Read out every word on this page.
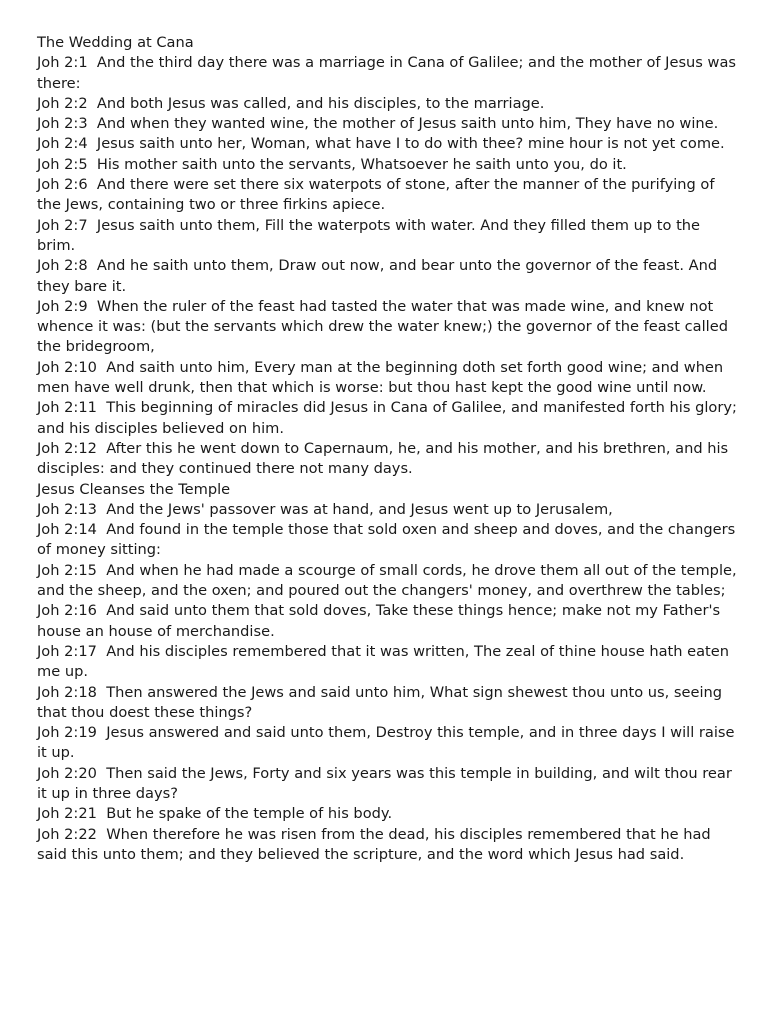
The Wedding at Cana
Joh 2:1 And the third day there was a marriage in Cana of Galilee; and the mother of Jesus was there:
Joh 2:2 And both Jesus was called, and his disciples, to the marriage.
Joh 2:3 And when they wanted wine, the mother of Jesus saith unto him, They have no wine.
Joh 2:4 Jesus saith unto her, Woman, what have I to do with thee? mine hour is not yet come.
Joh 2:5 His mother saith unto the servants, Whatsoever he saith unto you, do it.
Joh 2:6 And there were set there six waterpots of stone, after the manner of the purifying of the Jews, containing two or three firkins apiece.
Joh 2:7 Jesus saith unto them, Fill the waterpots with water. And they filled them up to the brim.
Joh 2:8 And he saith unto them, Draw out now, and bear unto the governor of the feast. And they bare it.
Joh 2:9 When the ruler of the feast had tasted the water that was made wine, and knew not whence it was: (but the servants which drew the water knew;) the governor of the feast called the bridegroom,
Joh 2:10 And saith unto him, Every man at the beginning doth set forth good wine; and when men have well drunk, then that which is worse: but thou hast kept the good wine until now.
Joh 2:11 This beginning of miracles did Jesus in Cana of Galilee, and manifested forth his glory; and his disciples believed on him.
Joh 2:12 After this he went down to Capernaum, he, and his mother, and his brethren, and his disciples: and they continued there not many days.
Jesus Cleanses the Temple
Joh 2:13 And the Jews' passover was at hand, and Jesus went up to Jerusalem,
Joh 2:14 And found in the temple those that sold oxen and sheep and doves, and the changers of money sitting:
Joh 2:15 And when he had made a scourge of small cords, he drove them all out of the temple, and the sheep, and the oxen; and poured out the changers' money, and overthrew the tables;
Joh 2:16 And said unto them that sold doves, Take these things hence; make not my Father's house an house of merchandise.
Joh 2:17 And his disciples remembered that it was written, The zeal of thine house hath eaten me up.
Joh 2:18 Then answered the Jews and said unto him, What sign shewest thou unto us, seeing that thou doest these things?
Joh 2:19 Jesus answered and said unto them, Destroy this temple, and in three days I will raise it up.
Joh 2:20 Then said the Jews, Forty and six years was this temple in building, and wilt thou rear it up in three days?
Joh 2:21 But he spake of the temple of his body.
Joh 2:22 When therefore he was risen from the dead, his disciples remembered that he had said this unto them; and they believed the scripture, and the word which Jesus had said.
